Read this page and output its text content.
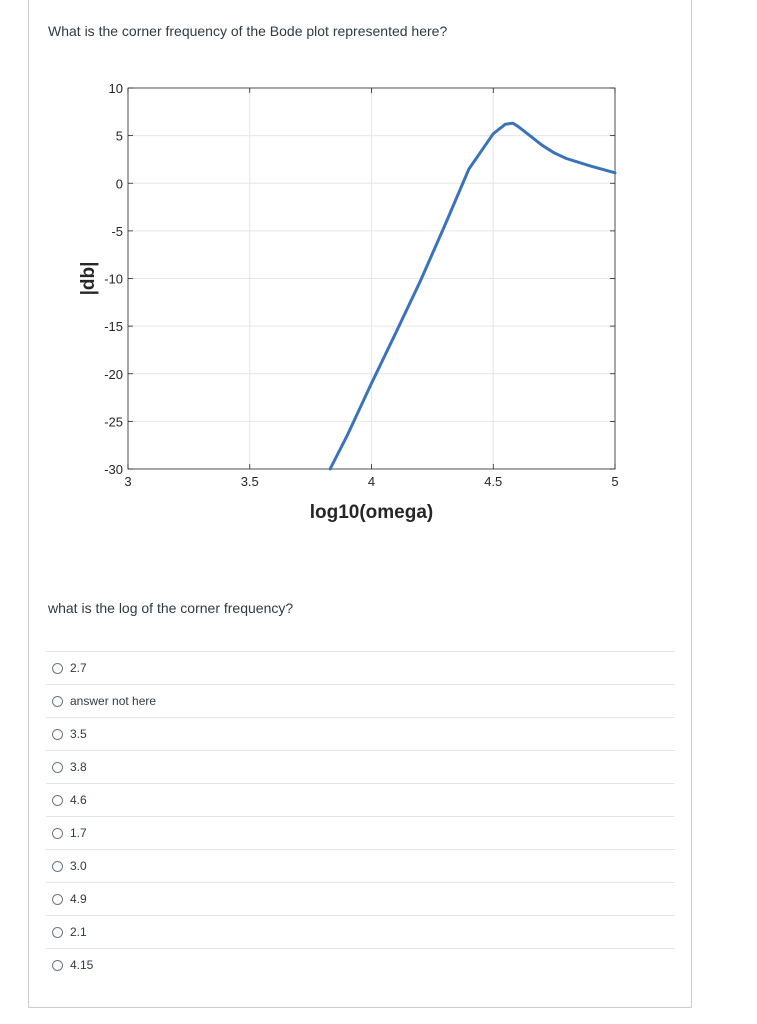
What is the corner frequency of the Bode plot represented here?
3	3.5	4	4.5	5
10
5
0
-5
-10
-15
-20
-25
-30
log10(omega)
|db|
what is the log of the corner frequency?
2.7
answer not here
3.5
3.8
4.6
1.7
3.0
4.9
2.1
4.15
